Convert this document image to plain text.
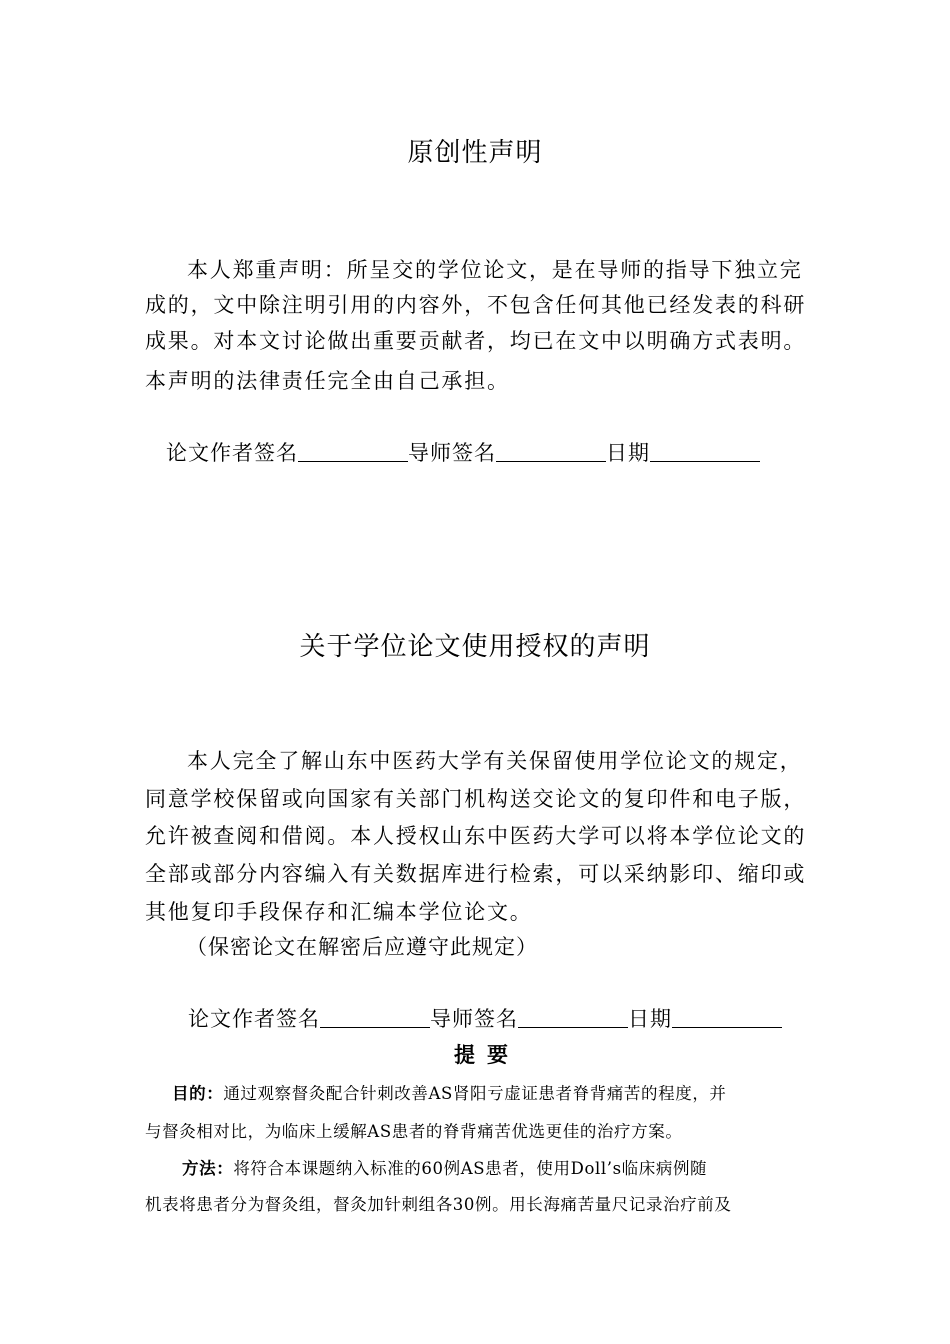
原创性声明
本人郑重声明：所呈交的学位论文，是在导师的指导下独立完
成的，文中除注明引用的内容外，不包含任何其他已经发表的科研
成果。对本文讨论做出重要贡献者，均已在文中以明确方式表明。
本声明的法律责任完全由自己承担。
论文作者签名	导师签名	日期
关于学位论文使用授权的声明
本人完全了解山东中医药大学有关保留使用学位论文的规定，
同意学校保留或向国家有关部门机构送交论文的复印件和电子版，
允许被查阅和借阅。本人授权山东中医药大学可以将本学位论文的
全部或部分内容编入有关数据库进行检索，可以采纳影印、缩印或
其他复印手段保存和汇编本学位论文。
（保密论文在解密后应遵守此规定）
论文作者签名	导师签名	日期
提要
目的：通过观察督灸配合针刺改善AS肾阳亏虚证患者脊背痛苦的程度，并
与督灸相对比，为临床上缓解AS患者的脊背痛苦优选更佳的治疗方案。
方法：将符合本课题纳入标准的60例AS患者，使用Doll’s临床病例随
机表将患者分为督灸组，督灸加针刺组各30例。用长海痛苦量尺记录治疗前及
